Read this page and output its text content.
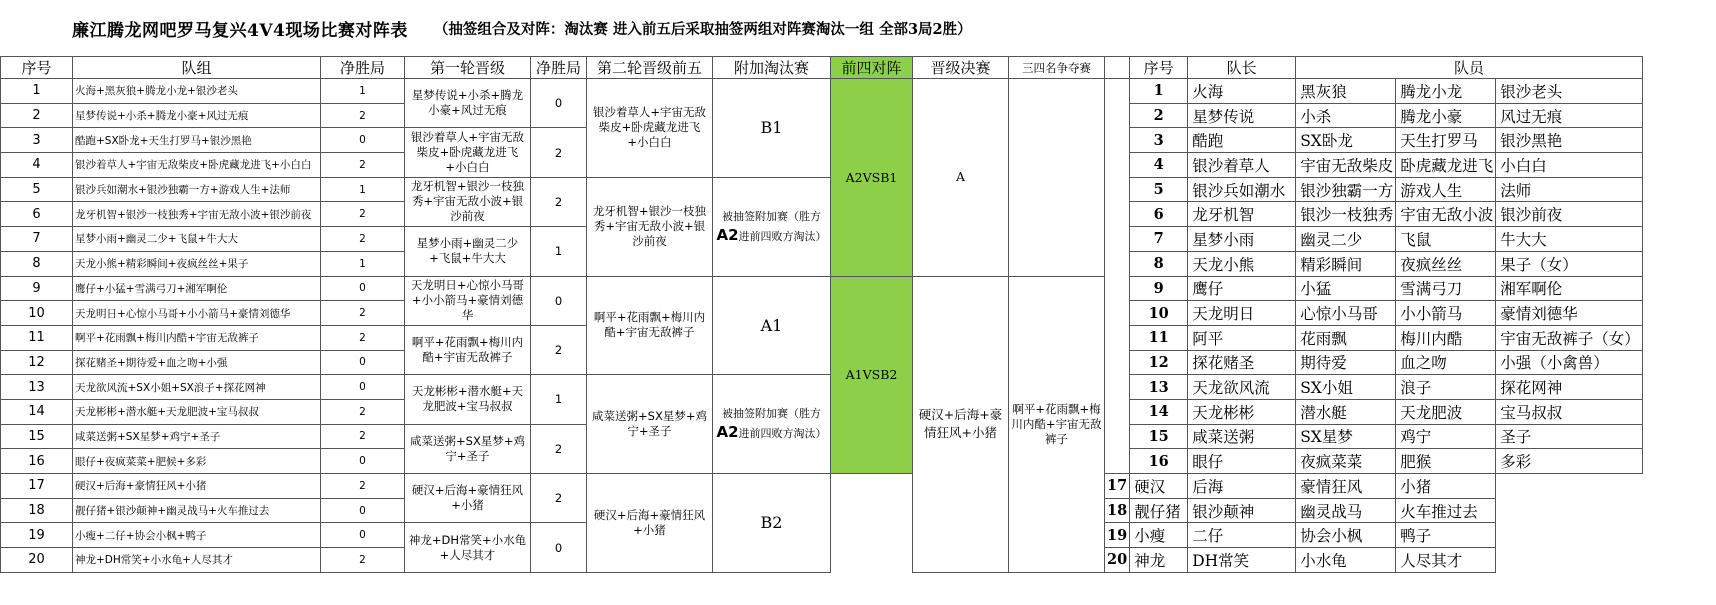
廉江腾龙网吧罗马复兴4V4现场比赛对阵表 （抽签组合及对阵：淘汰赛 进入前五后采取抽签两组对阵赛淘汰一组 全部3局2胜）
序号	队组	净胜局	第一轮晋级	净胜局	第二轮晋级前五	附加淘汰赛	前四对阵	晋级决赛	三四名争夺赛		序号	队长	队员		
1	火海+黑灰狼+腾龙小龙+银沙老头	1	星梦传说+小杀+腾龙小豪+风过无痕	0	银沙着草人+宇宙无敌柴皮+卧虎藏龙进飞+小白白	B1	A2VSB1	A			1	火海	黑灰狼	腾龙小龙	银沙老头
2	星梦传说+小杀+腾龙小豪+风过无痕	2									2	星梦传说	小杀	腾龙小豪	风过无痕
3	酷跑+SX卧龙+天生打罗马+银沙黑艳	0	银沙着草人+宇宙无敌柴皮+卧虎藏龙进飞+小白白	2							3	酷跑	SX卧龙	天生打罗马	银沙黑艳
4	银沙着草人+宇宙无敌柴皮+卧虎藏龙进飞+小白白	2									4	银沙着草人	宇宙无敌柴皮	卧虎藏龙进飞	小白白
5	银沙兵如潮水+银沙独霸一方+游戏人生+法师	1	龙牙机智+银沙一枝独秀+宇宙无敌小波+银沙前夜	2	龙牙机智+银沙一枝独秀+宇宙无敌小波+银沙前夜	被抽签附加赛（胜方A2进前四败方淘汰）					5	银沙兵如潮水	银沙独霸一方	游戏人生	法师
6	龙牙机智+银沙一枝独秀+宇宙无敌小波+银沙前夜	2									6	龙牙机智	银沙一枝独秀	宇宙无敌小波	银沙前夜
7	星梦小雨+幽灵二少+飞鼠+牛大大	2	星梦小雨+幽灵二少+飞鼠+牛大大	1							7	星梦小雨	幽灵二少	飞鼠	牛大大
8	天龙小熊+精彩瞬间+夜疯丝丝+果子	1									8	天龙小熊	精彩瞬间	夜疯丝丝	果子（女）
9	鹰仔+小猛+雪满弓刀+湘军啊伦	0	天龙明日+心惊小马哥+小小箭马+豪情刘德华	0	啊平+花雨飘+梅川内酷+宇宙无敌裤子	A1	A1VSB2	硬汉+后海+豪情狂风+小猪	啊平+花雨飘+梅川内酷+宇宙无敌裤子		9	鹰仔	小猛	雪满弓刀	湘军啊伦
10	天龙明日+心惊小马哥+小小箭马+豪情刘德华	2									10	天龙明日	心惊小马哥	小小箭马	豪情刘德华
11	啊平+花雨飘+梅川内酷+宇宙无敌裤子	2	啊平+花雨飘+梅川内酷+宇宙无敌裤子	2							11	阿平	花雨飘	梅川内酷	宇宙无敌裤子（女）
12	探花赌圣+期待爱+血之吻+小强	0									12	探花赌圣	期待爱	血之吻	小强（小禽兽）
13	天龙欲风流+SX小姐+SX浪子+探花网神	0	天龙彬彬+潜水艇+天龙肥波+宝马叔叔	1	咸菜送粥+SX星梦+鸡宁+圣子	被抽签附加赛（胜方A2进前四败方淘汰）					13	天龙欲风流	SX小姐	浪子	探花网神
14	天龙彬彬+潜水艇+天龙肥波+宝马叔叔	2									14	天龙彬彬	潜水艇	天龙肥波	宝马叔叔
15	咸菜送粥+SX星梦+鸡宁+圣子	2	咸菜送粥+SX星梦+鸡宁+圣子	2							15	咸菜送粥	SX星梦	鸡宁	圣子
16	眼仔+夜疯菜菜+肥候+多彩	0									16	眼仔	夜疯菜菜	肥猴	多彩
17	硬汉+后海+豪情狂风+小猪	2	硬汉+后海+豪情狂风+小猪	2	硬汉+后海+豪情狂风+小猪	B2				17	硬汉	后海	豪情狂风	小猪	
18	靓仔猪+银沙颠神+幽灵战马+火车推过去	0								18	靓仔猪	银沙颠神	幽灵战马	火车推过去	
19	小瘦+二仔+协会小枫+鸭子	0	神龙+DH常笑+小水龟+人尽其才	0						19	小瘦	二仔	协会小枫	鸭子	
20	神龙+DH常笑+小水龟+人尽其才	2								20	神龙	DH常笑	小水龟	人尽其才	
